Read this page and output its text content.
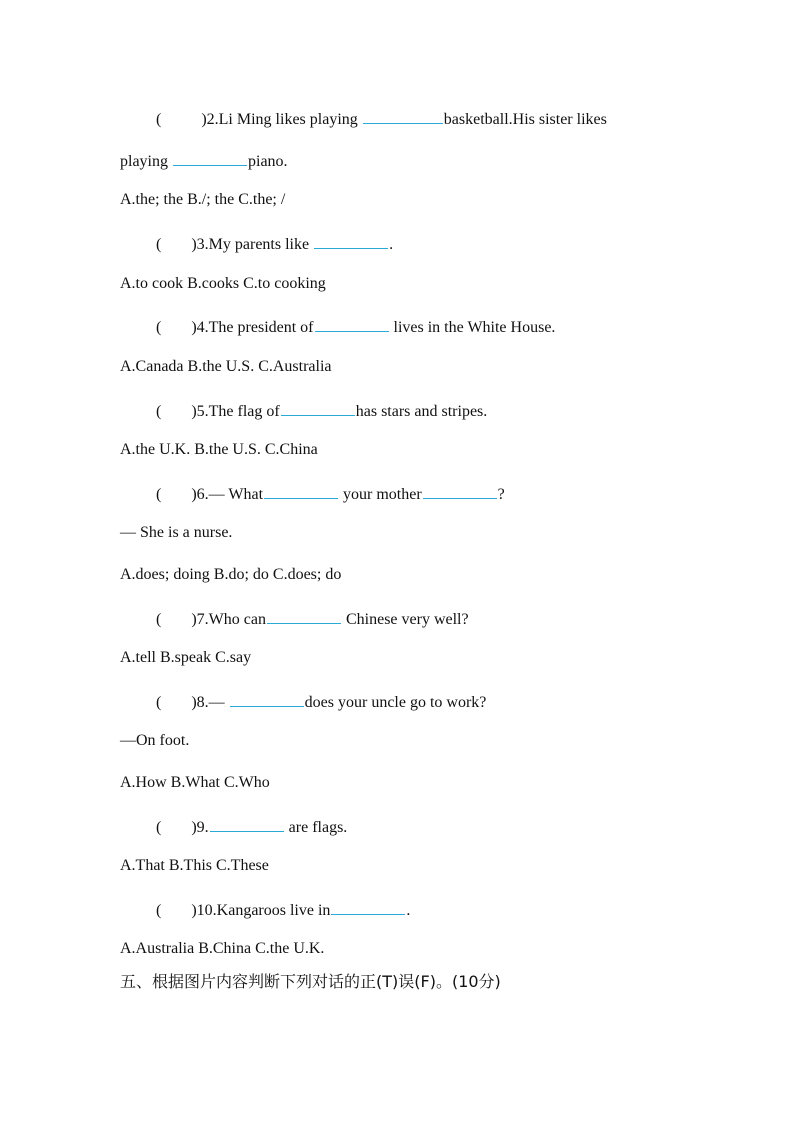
(	)2.Li Ming likes playing	basketball.His sister likes
playing	piano.
A.the; the B./; the C.the; /
( )3.My parents like	.
A.to cook B.cooks C.to cooking
( )4.The president of	lives in the White House.
A.Canada B.the U.S. C.Australia
( )5.The flag of	has stars and stripes.
A.the U.K. B.the U.S. C.China
( )6.— What	your mother	?
— She is a nurse.
A.does; doing B.do; do C.does; do
( )7.Who can	Chinese very well?
A.tell B.speak C.say
( )8.—	does your uncle go to work?
—On foot.
A.How B.What C.Who
( )9.	are flags.
A.That B.This C.These
( )10.Kangaroos live in	.
A.Australia B.China C.the U.K.
五、根据图片内容判断下列对话的正(T)误(F)。(10分)
